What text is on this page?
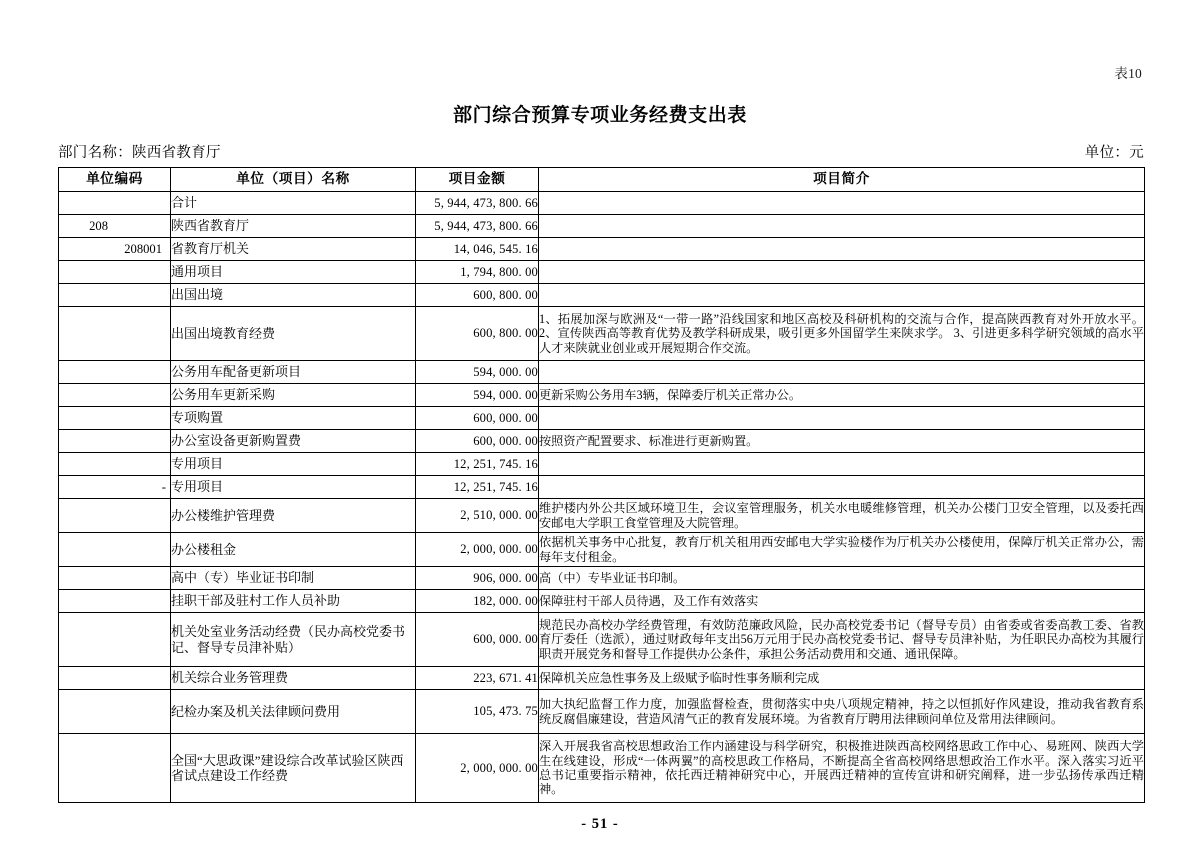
表10
部门综合预算专项业务经费支出表
部门名称：陕西省教育厅	单位：元
单位编码	单位（项目）名称	项目金额	项目简介
	合计	5, 944, 473, 800. 66	
208	陕西省教育厅	5, 944, 473, 800. 66	
208001	省教育厅机关	14, 046, 545. 16	
	通用项目	1, 794, 800. 00	
	出国出境	600, 800. 00	
	出国出境教育经费	600, 800. 00	1、拓展加深与欧洲及“一带一路”沿线国家和地区高校及科研机构的交流与合作，提高陕西教育对外开放水平。 2、宣传陕西高等教育优势及教学科研成果，吸引更多外国留学生来陕求学。 3、引进更多科学研究领域的高水平人才来陕就业创业或开展短期合作交流。
	公务用车配备更新项目	594, 000. 00	
	公务用车更新采购	594, 000. 00	更新采购公务用车3辆，保障委厅机关正常办公。
	专项购置	600, 000. 00	
	办公室设备更新购置费	600, 000. 00	按照资产配置要求、标准进行更新购置。
	专用项目	12, 251, 745. 16	
-	专用项目	12, 251, 745. 16	
	办公楼维护管理费	2, 510, 000. 00	维护楼内外公共区域环境卫生，会议室管理服务，机关水电暖维修管理，机关办公楼门卫安全管理，以及委托西安邮电大学职工食堂管理及大院管理。
	办公楼租金	2, 000, 000. 00	依据机关事务中心批复，教育厅机关租用西安邮电大学实验楼作为厅机关办公楼使用，保障厅机关正常办公，需每年支付租金。
	高中（专）毕业证书印制	906, 000. 00	高（中）专毕业证书印制。
	挂职干部及驻村工作人员补助	182, 000. 00	保障驻村干部人员待遇，及工作有效落实
	机关处室业务活动经费（民办高校党委书记、督导专员津补贴）	600, 000. 00	规范民办高校办学经费管理，有效防范廉政风险，民办高校党委书记（督导专员）由省委或省委高教工委、省教育厅委任（选派），通过财政每年支出56万元用于民办高校党委书记、督导专员津补贴，为任职民办高校为其履行职责开展党务和督导工作提供办公条件，承担公务活动费用和交通、通讯保障。
	机关综合业务管理费	223, 671. 41	保障机关应急性事务及上级赋予临时性事务顺利完成
	纪检办案及机关法律顾问费用	105, 473. 75	加大执纪监督工作力度，加强监督检查，贯彻落实中央八项规定精神，持之以恒抓好作风建设，推动我省教育系统反腐倡廉建设，营造风清气正的教育发展环境。为省教育厅聘用法律顾问单位及常用法律顾问。
	全国“大思政课”建设综合改革试验区陕西省试点建设工作经费	2, 000, 000. 00	深入开展我省高校思想政治工作内涵建设与科学研究，积极推进陕西高校网络思政工作中心、易班网、陕西大学生在线建设，形成“一体两翼”的高校思政工作格局，不断提高全省高校网络思想政治工作水平。深入落实习近平总书记重要指示精神，依托西迁精神研究中心，开展西迁精神的宣传宣讲和研究阐释，进一步弘扬传承西迁精神。
- 51 -
